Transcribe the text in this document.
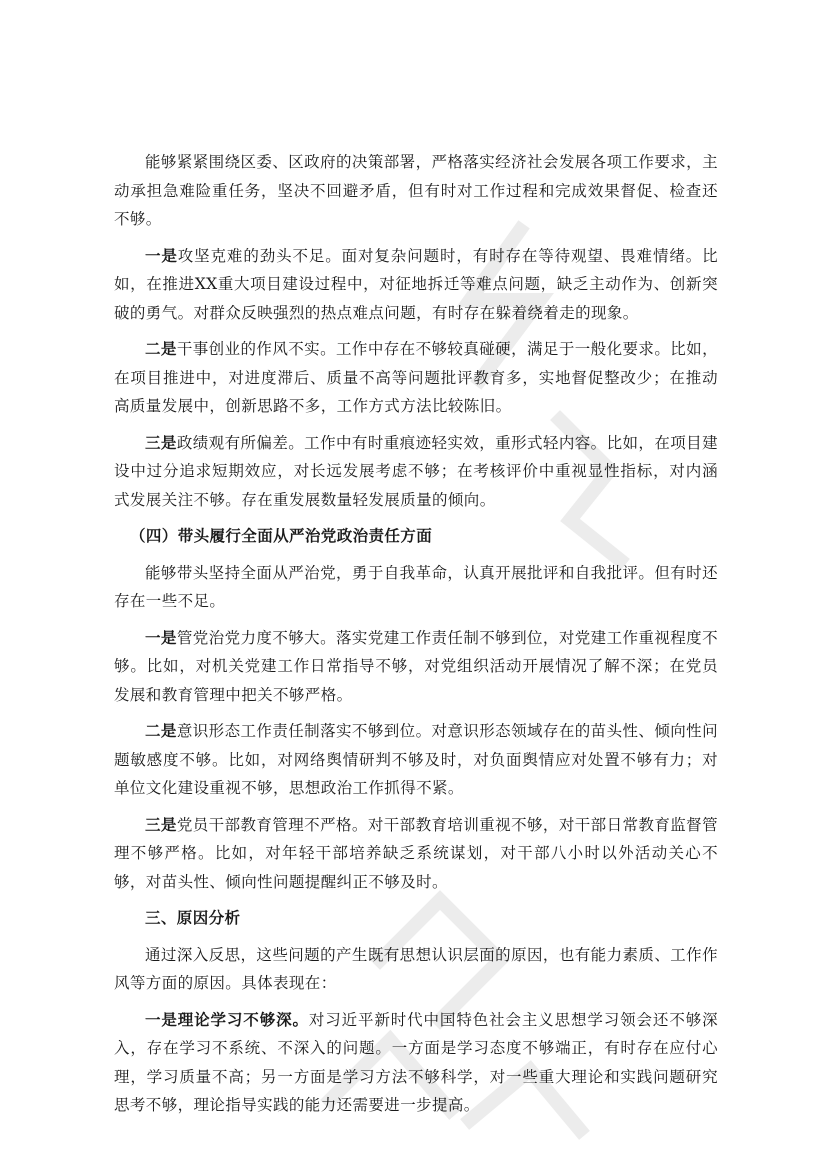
能够紧紧围绕区委、区政府的决策部署，严格落实经济社会发展各项工作要求，主动承担急难险重任务，坚决不回避矛盾，但有时对工作过程和完成效果督促、检查还不够。

一是攻坚克难的劲头不足。面对复杂问题时，有时存在等待观望、畏难情绪。比如，在推进XX重大项目建设过程中，对征地拆迁等难点问题，缺乏主动作为、创新突破的勇气。对群众反映强烈的热点难点问题，有时存在躲着绕着走的现象。

二是干事创业的作风不实。工作中存在不够较真碰硬，满足于一般化要求。比如，在项目推进中，对进度滞后、质量不高等问题批评教育多，实地督促整改少；在推动高质量发展中，创新思路不多，工作方式方法比较陈旧。

三是政绩观有所偏差。工作中有时重痕迹轻实效，重形式轻内容。比如，在项目建设中过分追求短期效应，对长远发展考虑不够；在考核评价中重视显性指标，对内涵式发展关注不够。存在重发展数量轻发展质量的倾向。

（四）带头履行全面从严治党政治责任方面

能够带头坚持全面从严治党，勇于自我革命，认真开展批评和自我批评。但有时还存在一些不足。

一是管党治党力度不够大。落实党建工作责任制不够到位，对党建工作重视程度不够。比如，对机关党建工作日常指导不够，对党组织活动开展情况了解不深；在党员发展和教育管理中把关不够严格。

二是意识形态工作责任制落实不够到位。对意识形态领域存在的苗头性、倾向性问题敏感度不够。比如，对网络舆情研判不够及时，对负面舆情应对处置不够有力；对单位文化建设重视不够，思想政治工作抓得不紧。

三是党员干部教育管理不严格。对干部教育培训重视不够，对干部日常教育监督管理不够严格。比如，对年轻干部培养缺乏系统谋划，对干部八小时以外活动关心不够，对苗头性、倾向性问题提醒纠正不够及时。

三、原因分析

通过深入反思，这些问题的产生既有思想认识层面的原因，也有能力素质、工作作风等方面的原因。具体表现在：

一是理论学习不够深。对习近平新时代中国特色社会主义思想学习领会还不够深入，存在学习不系统、不深入的问题。一方面是学习态度不够端正，有时存在应付心理，学习质量不高；另一方面是学习方法不够科学，对一些重大理论和实践问题研究思考不够，理论指导实践的能力还需要进一步提高。
